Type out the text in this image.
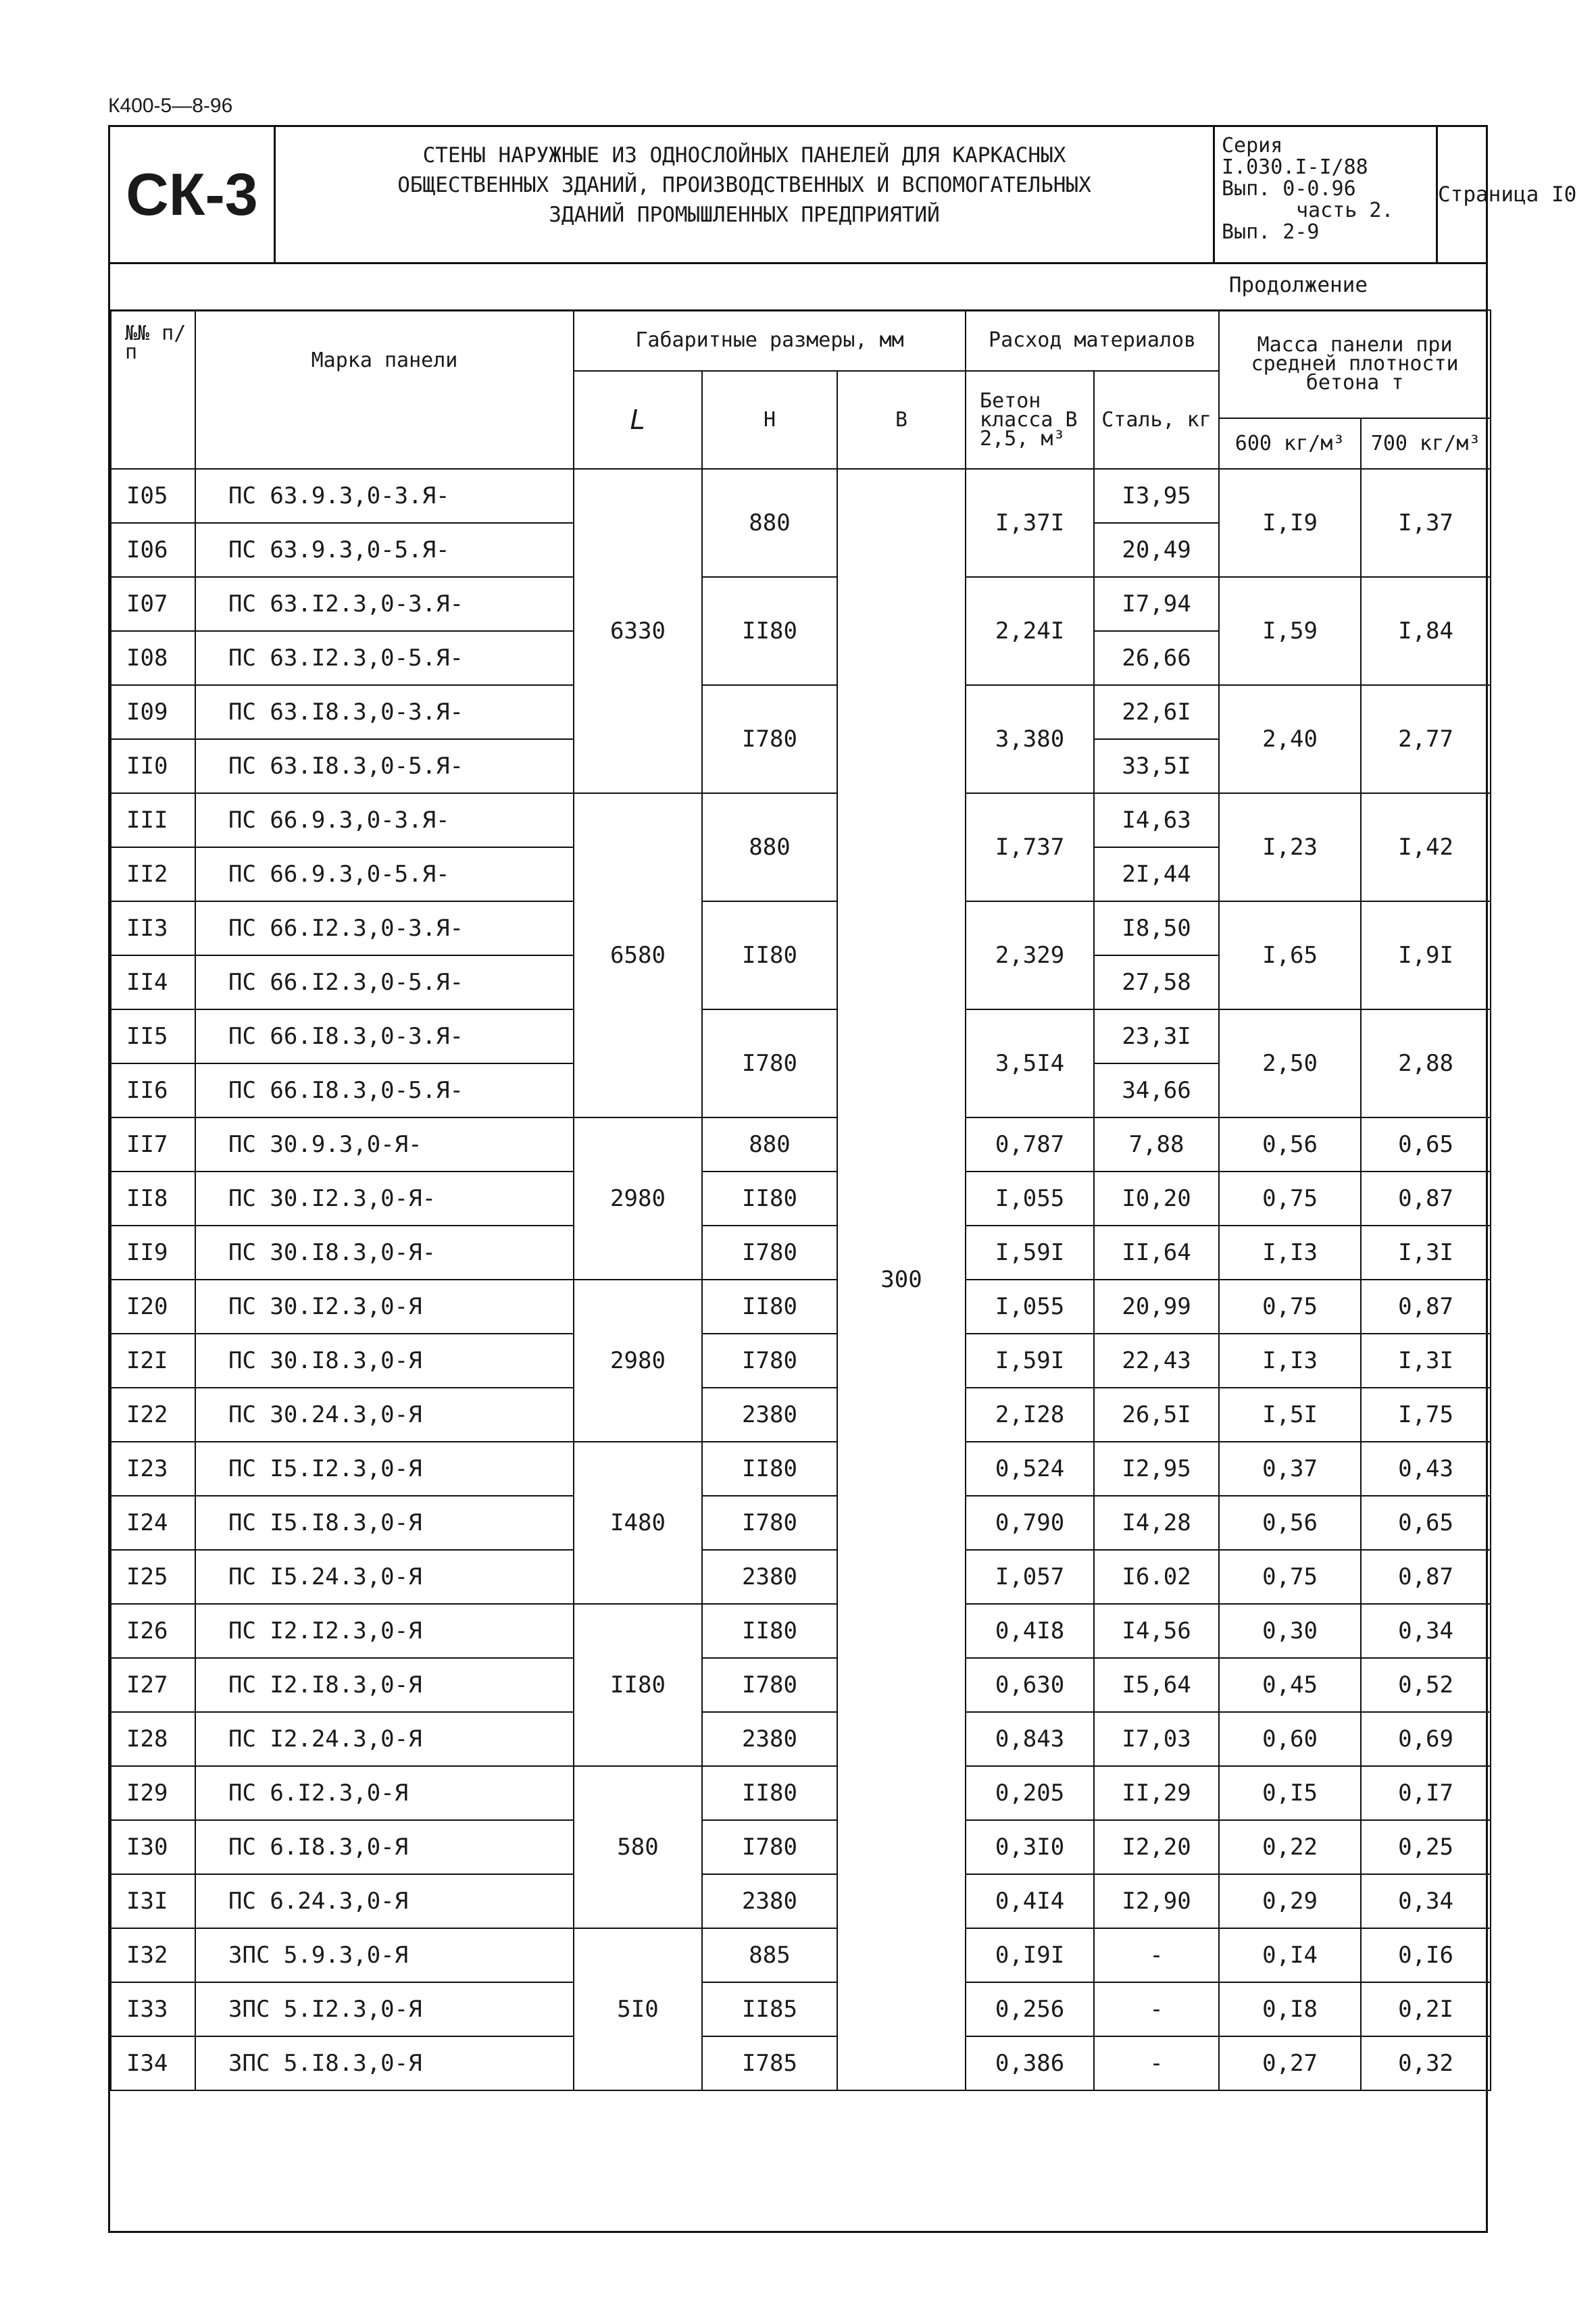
К400-5—8-96
СК-3
СТЕНЫ НАРУЖНЫЕ ИЗ ОДНОСЛОЙНЫХ ПАНЕЛЕЙ ДЛЯ КАРКАСНЫХ
ОБЩЕСТВЕННЫХ ЗДАНИЙ, ПРОИЗВОДСТВЕННЫХ И ВСПОМОГАТЕЛЬНЫХ
ЗДАНИЙ ПРОМЫШЛЕННЫХ ПРЕДПРИЯТИЙ
Серия
I.030.I-I/88
Вып. 0-0.96
часть 2.
Вып. 2-9
Страница I0
Продолжение
№№ п/п	Марка панели	Габаритные размеры, мм			Расход материалов		Масса панели при средней плотности бетона т	
		L	H	B	Бетон класса В 2,5, м³	Сталь, кг		
							600 кг/м³	700 кг/м³
I05	ПС 63.9.3,0-3.Я-	6330	880	300	I,37I	I3,95	I,I9	I,37
I06	ПС 63.9.3,0-5.Я-					20,49		
I07	ПС 63.I2.3,0-3.Я-		II80		2,24I	I7,94	I,59	I,84
I08	ПС 63.I2.3,0-5.Я-					26,66		
I09	ПС 63.I8.3,0-3.Я-		I780		3,380	22,6I	2,40	2,77
II0	ПС 63.I8.3,0-5.Я-					33,5I		
III	ПС 66.9.3,0-3.Я-	6580	880		I,737	I4,63	I,23	I,42
II2	ПС 66.9.3,0-5.Я-					2I,44		
II3	ПС 66.I2.3,0-3.Я-		II80		2,329	I8,50	I,65	I,9I
II4	ПС 66.I2.3,0-5.Я-					27,58		
II5	ПС 66.I8.3,0-3.Я-		I780		3,5I4	23,3I	2,50	2,88
II6	ПС 66.I8.3,0-5.Я-					34,66		
II7	ПС 30.9.3,0-Я-	2980	880		0,787	7,88	0,56	0,65
II8	ПС 30.I2.3,0-Я-		II80		I,055	I0,20	0,75	0,87
II9	ПС 30.I8.3,0-Я-		I780		I,59I	II,64	I,I3	I,3I
I20	ПС 30.I2.3,0-Я	2980	II80		I,055	20,99	0,75	0,87
I2I	ПС 30.I8.3,0-Я		I780		I,59I	22,43	I,I3	I,3I
I22	ПС 30.24.3,0-Я		2380		2,I28	26,5I	I,5I	I,75
I23	ПС I5.I2.3,0-Я	I480	II80		0,524	I2,95	0,37	0,43
I24	ПС I5.I8.3,0-Я		I780		0,790	I4,28	0,56	0,65
I25	ПС I5.24.3,0-Я		2380		I,057	I6.02	0,75	0,87
I26	ПС I2.I2.3,0-Я	II80	II80		0,4I8	I4,56	0,30	0,34
I27	ПС I2.I8.3,0-Я		I780		0,630	I5,64	0,45	0,52
I28	ПС I2.24.3,0-Я		2380		0,843	I7,03	0,60	0,69
I29	ПС 6.I2.3,0-Я	580	II80		0,205	II,29	0,I5	0,I7
I30	ПС 6.I8.3,0-Я		I780		0,3I0	I2,20	0,22	0,25
I3I	ПС 6.24.3,0-Я		2380		0,4I4	I2,90	0,29	0,34
I32	ЗПС 5.9.3,0-Я	5I0	885		0,I9I	-	0,I4	0,I6
I33	ЗПС 5.I2.3,0-Я		II85		0,256	-	0,I8	0,2I
I34	ЗПС 5.I8.3,0-Я		I785		0,386	-	0,27	0,32
